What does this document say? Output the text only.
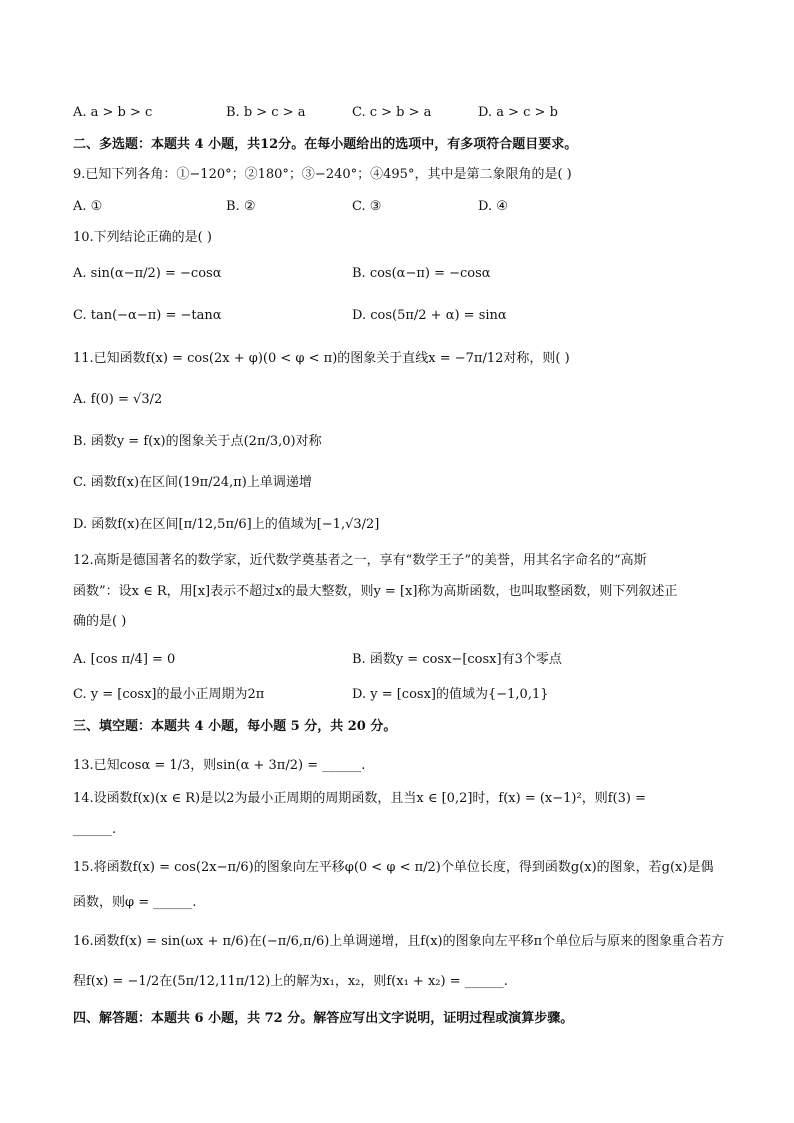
A. a > b > c	B. b > c > a	C. c > b > a	D. a > c > b
二、多选题：本题共 4 小题，共12分。在每小题给出的选项中，有多项符合题目要求。
9.已知下列各角：①−120°；②180°；③−240°；④495°，其中是第二象限角的是( )
A. ①	B. ②	C. ③	D. ④
10.下列结论正确的是( )
A. sin(α−π/2) = −cosα	B. cos(α−π) = −cosα
C. tan(−α−π) = −tanα	D. cos(5π/2 + α) = sinα
11.已知函数f(x) = cos(2x + φ)(0 < φ < π)的图象关于直线x = −7π/12对称，则( )
A. f(0) = √3/2
B. 函数y = f(x)的图象关于点(2π/3,0)对称
C. 函数f(x)在区间(19π/24,π)上单调递增
D. 函数f(x)在区间[π/12,5π/6]上的值域为[−1,√3/2]
12.高斯是德国著名的数学家，近代数学奠基者之一，享有“数学王子”的美誉，用其名字命名的“高斯
函数”：设x ∈ R，用[x]表示不超过x的最大整数，则y = [x]称为高斯函数，也叫取整函数，则下列叙述正
确的是( )
A. [cos π/4] = 0	B. 函数y = cosx−[cosx]有3个零点
C. y = [cosx]的最小正周期为2π	D. y = [cosx]的值域为{−1,0,1}
三、填空题：本题共 4 小题，每小题 5 分，共 20 分。
13.已知cosα = 1/3，则sin(α + 3π/2) = ______.
14.设函数f(x)(x ∈ R)是以2为最小正周期的周期函数，且当x ∈ [0,2]时，f(x) = (x−1)²，则f(3) =
______.
15.将函数f(x) = cos(2x−π/6)的图象向左平移φ(0 < φ < π/2)个单位长度，得到函数g(x)的图象，若g(x)是偶
函数，则φ = ______.
16.函数f(x) = sin(ωx + π/6)在(−π/6,π/6)上单调递增，且f(x)的图象向左平移π个单位后与原来的图象重合若方
程f(x) = −1/2在(5π/12,11π/12)上的解为x₁，x₂，则f(x₁ + x₂) = ______.
四、解答题：本题共 6 小题，共 72 分。解答应写出文字说明，证明过程或演算步骤。
